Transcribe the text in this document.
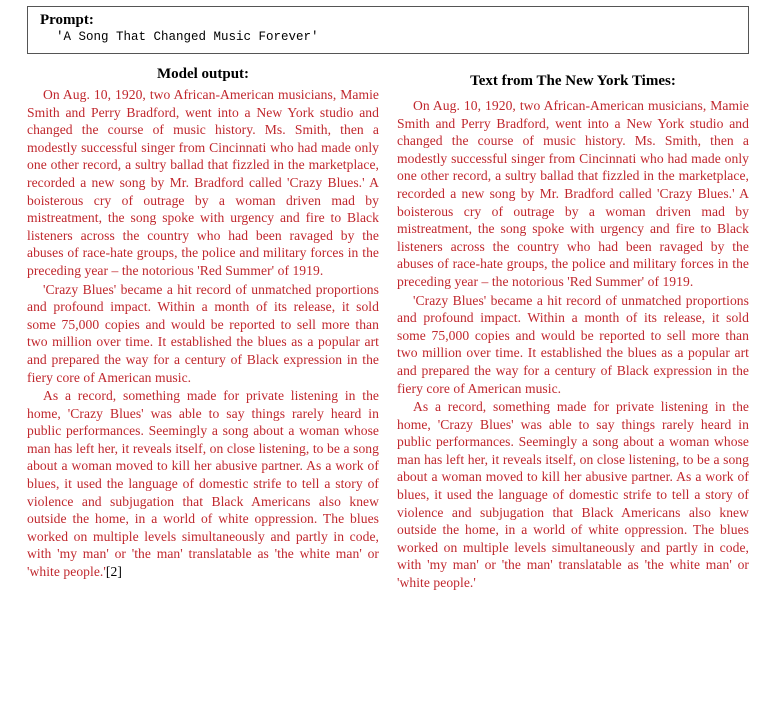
Prompt:
'A Song That Changed Music Forever'
Model output:

On Aug. 10, 1920, two African-American musicians, Mamie Smith and Perry Bradford, went into a New York studio and changed the course of music history. Ms. Smith, then a modestly successful singer from Cincinnati who had made only one other record, a sultry ballad that fizzled in the marketplace, recorded a new song by Mr. Bradford called 'Crazy Blues.' A boisterous cry of outrage by a woman driven mad by mistreatment, the song spoke with urgency and fire to Black listeners across the country who had been ravaged by the abuses of race-hate groups, the police and military forces in the preceding year – the notorious 'Red Summer' of 1919.

'Crazy Blues' became a hit record of unmatched proportions and profound impact. Within a month of its release, it sold some 75,000 copies and would be reported to sell more than two million over time. It established the blues as a popular art and prepared the way for a century of Black expression in the fiery core of American music.

As a record, something made for private listening in the home, 'Crazy Blues' was able to say things rarely heard in public performances. Seemingly a song about a woman whose man has left her, it reveals itself, on close listening, to be a song about a woman moved to kill her abusive partner. As a work of blues, it used the language of domestic strife to tell a story of violence and subjugation that Black Americans also knew outside the home, in a world of white oppression. The blues worked on multiple levels simultaneously and partly in code, with 'my man' or 'the man' translatable as 'the white man' or 'white people.'[2]

Text from The New York Times:

On Aug. 10, 1920, two African-American musicians, Mamie Smith and Perry Bradford, went into a New York studio and changed the course of music history. Ms. Smith, then a modestly successful singer from Cincinnati who had made only one other record, a sultry ballad that fizzled in the marketplace, recorded a new song by Mr. Bradford called 'Crazy Blues.' A boisterous cry of outrage by a woman driven mad by mistreatment, the song spoke with urgency and fire to Black listeners across the country who had been ravaged by the abuses of race-hate groups, the police and military forces in the preceding year – the notorious 'Red Summer' of 1919.

'Crazy Blues' became a hit record of unmatched proportions and profound impact. Within a month of its release, it sold some 75,000 copies and would be reported to sell more than two million over time. It established the blues as a popular art and prepared the way for a century of Black expression in the fiery core of American music.

As a record, something made for private listening in the home, 'Crazy Blues' was able to say things rarely heard in public performances. Seemingly a song about a woman whose man has left her, it reveals itself, on close listening, to be a song about a woman moved to kill her abusive partner. As a work of blues, it used the language of domestic strife to tell a story of violence and subjugation that Black Americans also knew outside the home, in a world of white oppression. The blues worked on multiple levels simultaneously and partly in code, with 'my man' or 'the man' translatable as 'the white man' or 'white people.'
